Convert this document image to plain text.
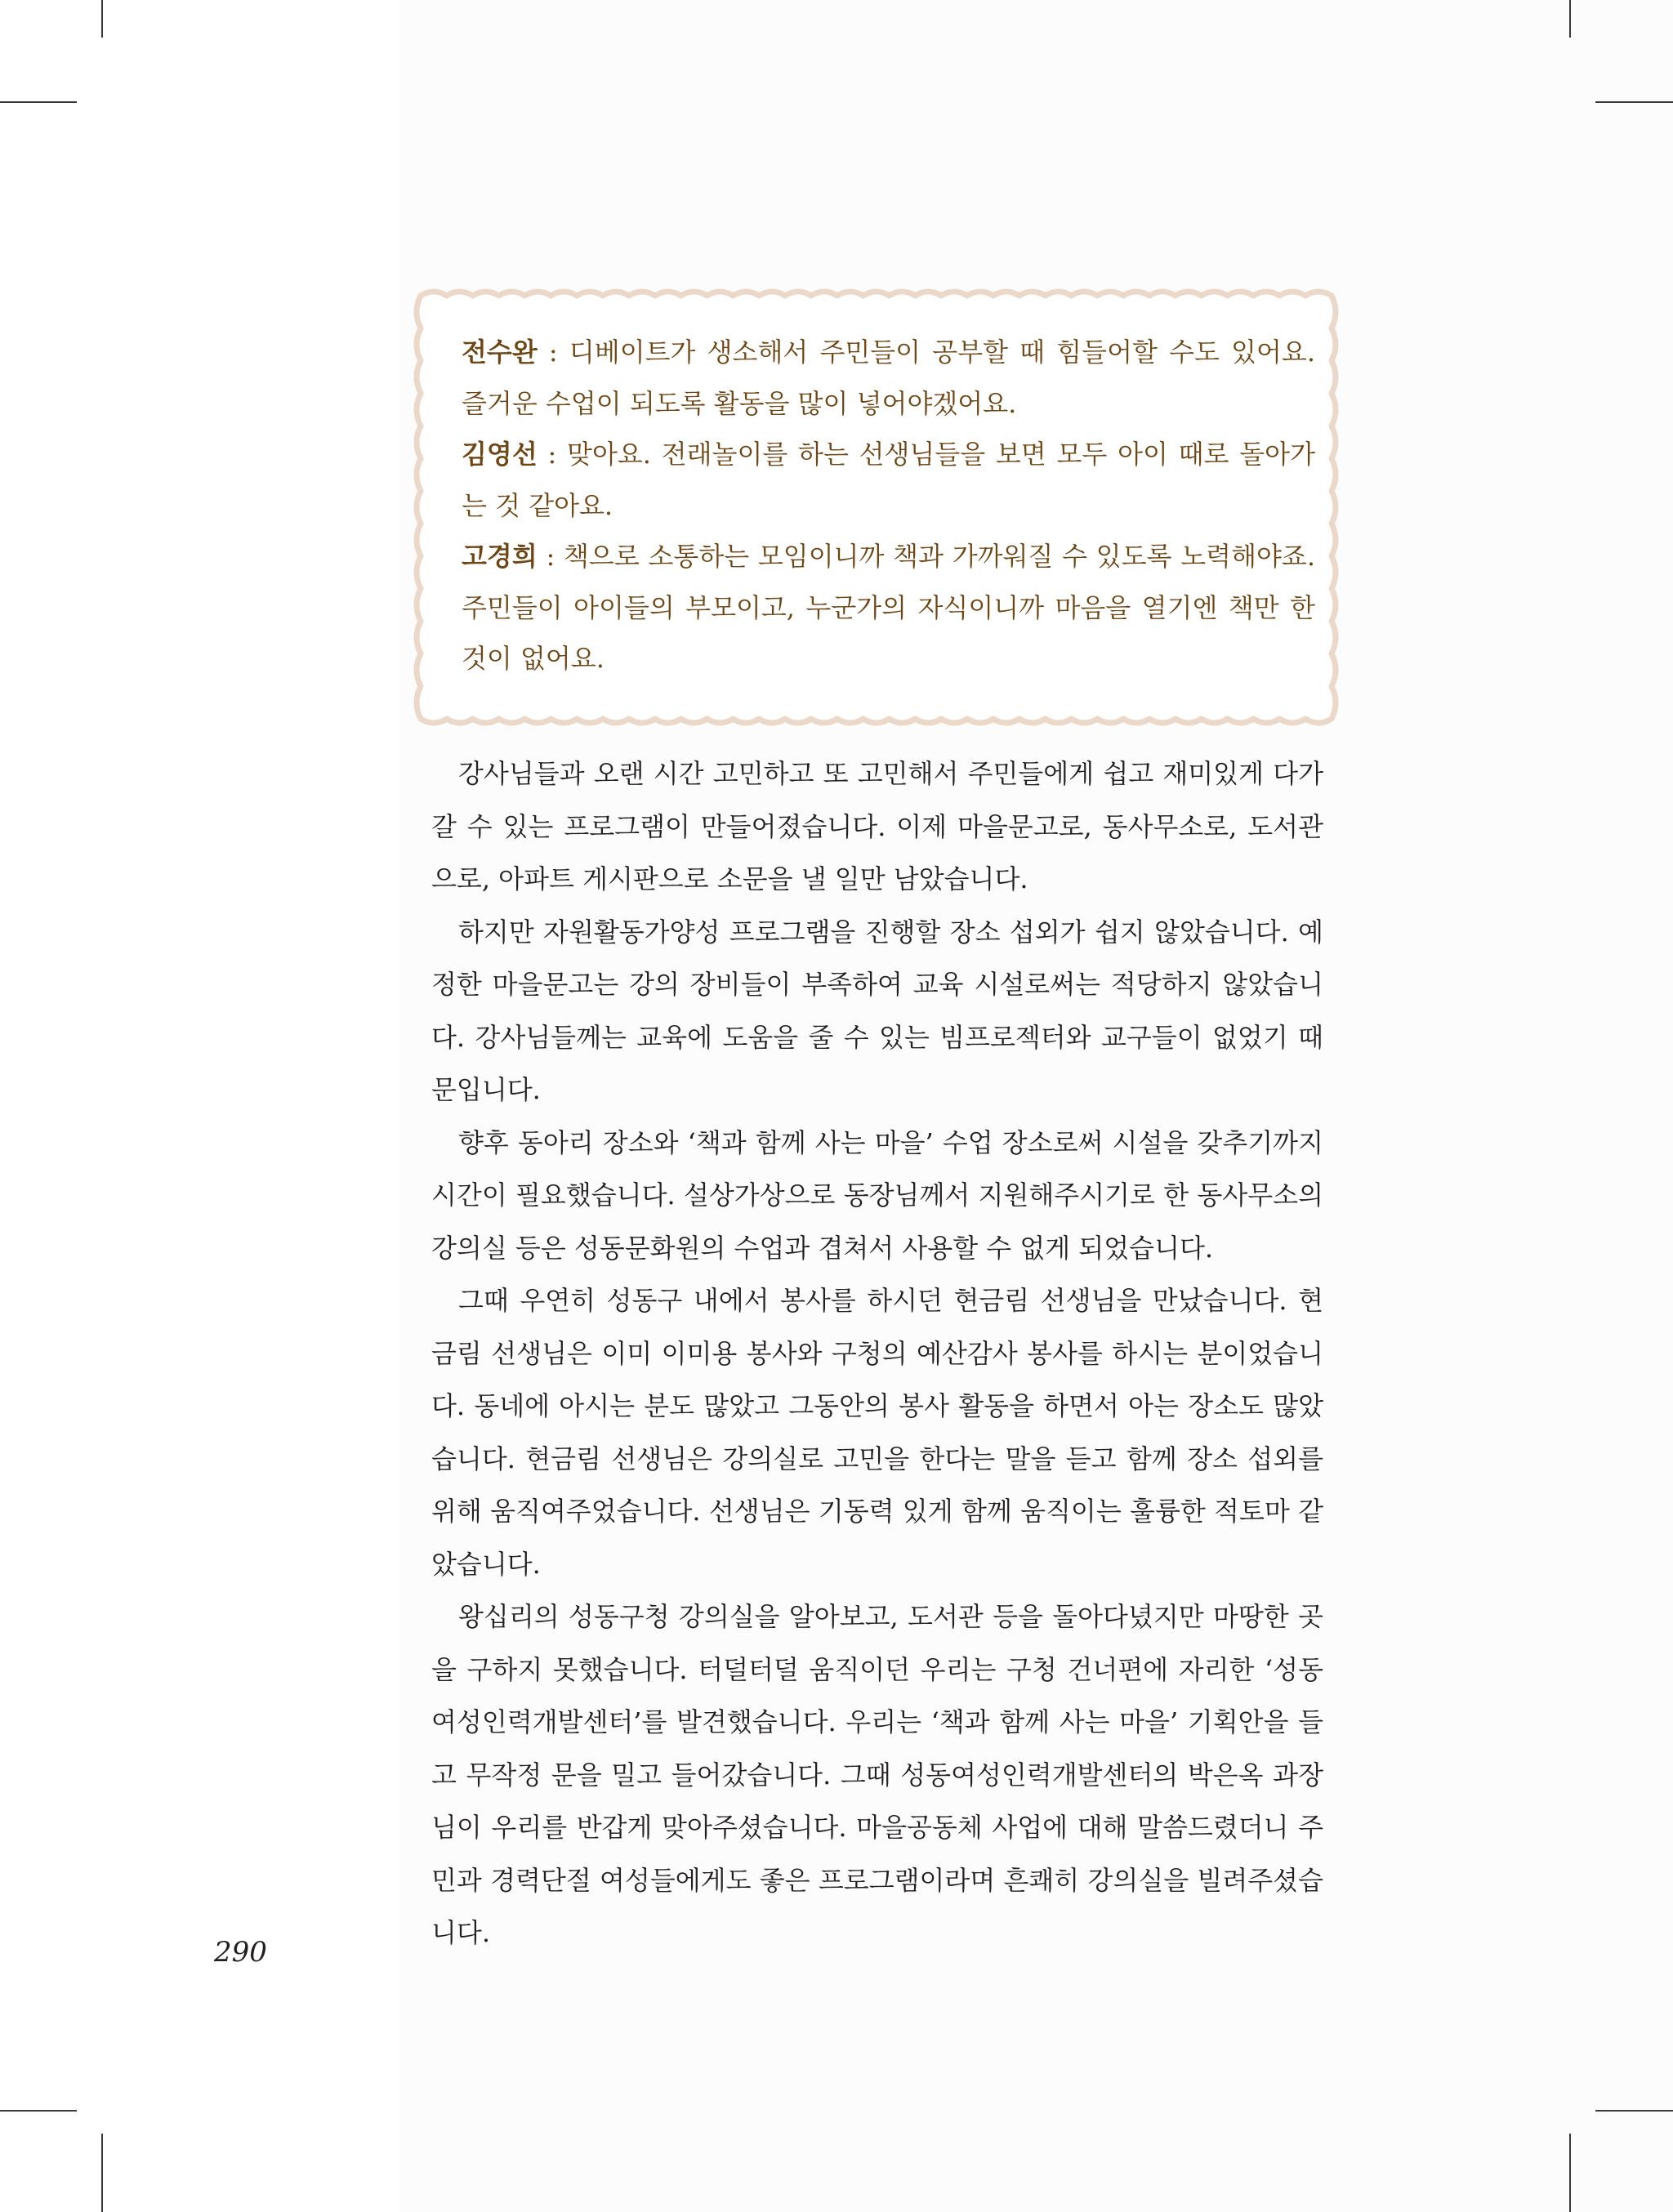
전수완 : 디베이트가 생소해서 주민들이 공부할 때 힘들어할 수도 있어요. 즐거운 수업이 되도록 활동을 많이 넣어야겠어요.

김영선 : 맞아요. 전래놀이를 하는 선생님들을 보면 모두 아이 때로 돌아가는 것 같아요.

고경희 : 책으로 소통하는 모임이니까 책과 가까워질 수 있도록 노력해야죠. 주민들이 아이들의 부모이고, 누군가의 자식이니까 마음을 열기엔 책만 한 것이 없어요.

강사님들과 오랜 시간 고민하고 또 고민해서 주민들에게 쉽고 재미있게 다가갈 수 있는 프로그램이 만들어졌습니다. 이제 마을문고로, 동사무소로, 도서관으로, 아파트 게시판으로 소문을 낼 일만 남았습니다.

하지만 자원활동가양성 프로그램을 진행할 장소 섭외가 쉽지 않았습니다. 예정한 마을문고는 강의 장비들이 부족하여 교육 시설로써는 적당하지 않았습니다. 강사님들께는 교육에 도움을 줄 수 있는 빔프로젝터와 교구들이 없었기 때문입니다.

향후 동아리 장소와 ‘책과 함께 사는 마을’ 수업 장소로써 시설을 갖추기까지 시간이 필요했습니다. 설상가상으로 동장님께서 지원해주시기로 한 동사무소의 강의실 등은 성동문화원의 수업과 겹쳐서 사용할 수 없게 되었습니다.

그때 우연히 성동구 내에서 봉사를 하시던 현금림 선생님을 만났습니다. 현금림 선생님은 이미 이미용 봉사와 구청의 예산감사 봉사를 하시는 분이었습니다. 동네에 아시는 분도 많았고 그동안의 봉사 활동을 하면서 아는 장소도 많았습니다. 현금림 선생님은 강의실로 고민을 한다는 말을 듣고 함께 장소 섭외를 위해 움직여주었습니다. 선생님은 기동력 있게 함께 움직이는 훌륭한 적토마 같았습니다.

왕십리의 성동구청 강의실을 알아보고, 도서관 등을 돌아다녔지만 마땅한 곳을 구하지 못했습니다. 터덜터덜 움직이던 우리는 구청 건너편에 자리한 ‘성동여성인력개발센터’를 발견했습니다. 우리는 ‘책과 함께 사는 마을’ 기획안을 들고 무작정 문을 밀고 들어갔습니다. 그때 성동여성인력개발센터의 박은옥 과장님이 우리를 반갑게 맞아주셨습니다. 마을공동체 사업에 대해 말씀드렸더니 주민과 경력단절 여성들에게도 좋은 프로그램이라며 흔쾌히 강의실을 빌려주셨습니다.

290
